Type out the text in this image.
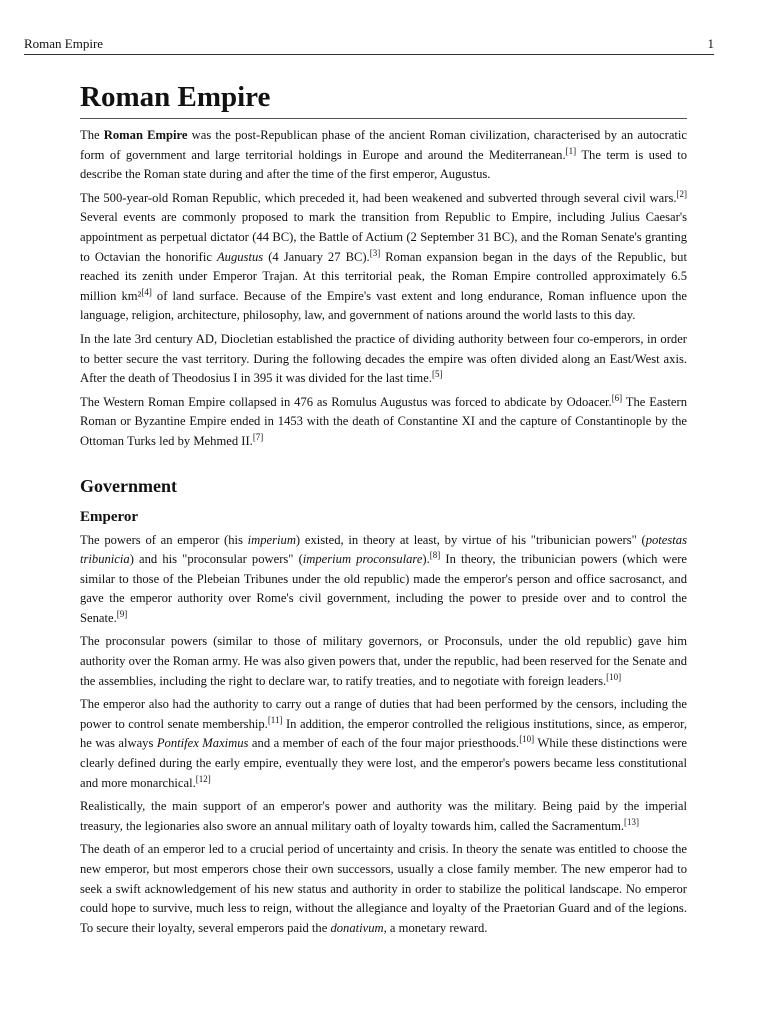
Roman Empire	1
Roman Empire

The Roman Empire was the post-Republican phase of the ancient Roman civilization, characterised by an autocratic form of government and large territorial holdings in Europe and around the Mediterranean.[1] The term is used to describe the Roman state during and after the time of the first emperor, Augustus.

The 500-year-old Roman Republic, which preceded it, had been weakened and subverted through several civil wars.[2] Several events are commonly proposed to mark the transition from Republic to Empire, including Julius Caesar's appointment as perpetual dictator (44 BC), the Battle of Actium (2 September 31 BC), and the Roman Senate's granting to Octavian the honorific Augustus (4 January 27 BC).[3] Roman expansion began in the days of the Republic, but reached its zenith under Emperor Trajan. At this territorial peak, the Roman Empire controlled approximately 6.5 million km²[4] of land surface. Because of the Empire's vast extent and long endurance, Roman influence upon the language, religion, architecture, philosophy, law, and government of nations around the world lasts to this day.

In the late 3rd century AD, Diocletian established the practice of dividing authority between four co-emperors, in order to better secure the vast territory. During the following decades the empire was often divided along an East/West axis. After the death of Theodosius I in 395 it was divided for the last time.[5]

The Western Roman Empire collapsed in 476 as Romulus Augustus was forced to abdicate by Odoacer.[6] The Eastern Roman or Byzantine Empire ended in 1453 with the death of Constantine XI and the capture of Constantinople by the Ottoman Turks led by Mehmed II.[7]

Government
Emperor

The powers of an emperor (his imperium) existed, in theory at least, by virtue of his "tribunician powers" (potestas tribunicia) and his "proconsular powers" (imperium proconsulare).[8] In theory, the tribunician powers (which were similar to those of the Plebeian Tribunes under the old republic) made the emperor's person and office sacrosanct, and gave the emperor authority over Rome's civil government, including the power to preside over and to control the Senate.[9]

The proconsular powers (similar to those of military governors, or Proconsuls, under the old republic) gave him authority over the Roman army. He was also given powers that, under the republic, had been reserved for the Senate and the assemblies, including the right to declare war, to ratify treaties, and to negotiate with foreign leaders.[10]

The emperor also had the authority to carry out a range of duties that had been performed by the censors, including the power to control senate membership.[11] In addition, the emperor controlled the religious institutions, since, as emperor, he was always Pontifex Maximus and a member of each of the four major priesthoods.[10] While these distinctions were clearly defined during the early empire, eventually they were lost, and the emperor's powers became less constitutional and more monarchical.[12]

Realistically, the main support of an emperor's power and authority was the military. Being paid by the imperial treasury, the legionaries also swore an annual military oath of loyalty towards him, called the Sacramentum.[13]

The death of an emperor led to a crucial period of uncertainty and crisis. In theory the senate was entitled to choose the new emperor, but most emperors chose their own successors, usually a close family member. The new emperor had to seek a swift acknowledgement of his new status and authority in order to stabilize the political landscape. No emperor could hope to survive, much less to reign, without the allegiance and loyalty of the Praetorian Guard and of the legions. To secure their loyalty, several emperors paid the donativum, a monetary reward.
